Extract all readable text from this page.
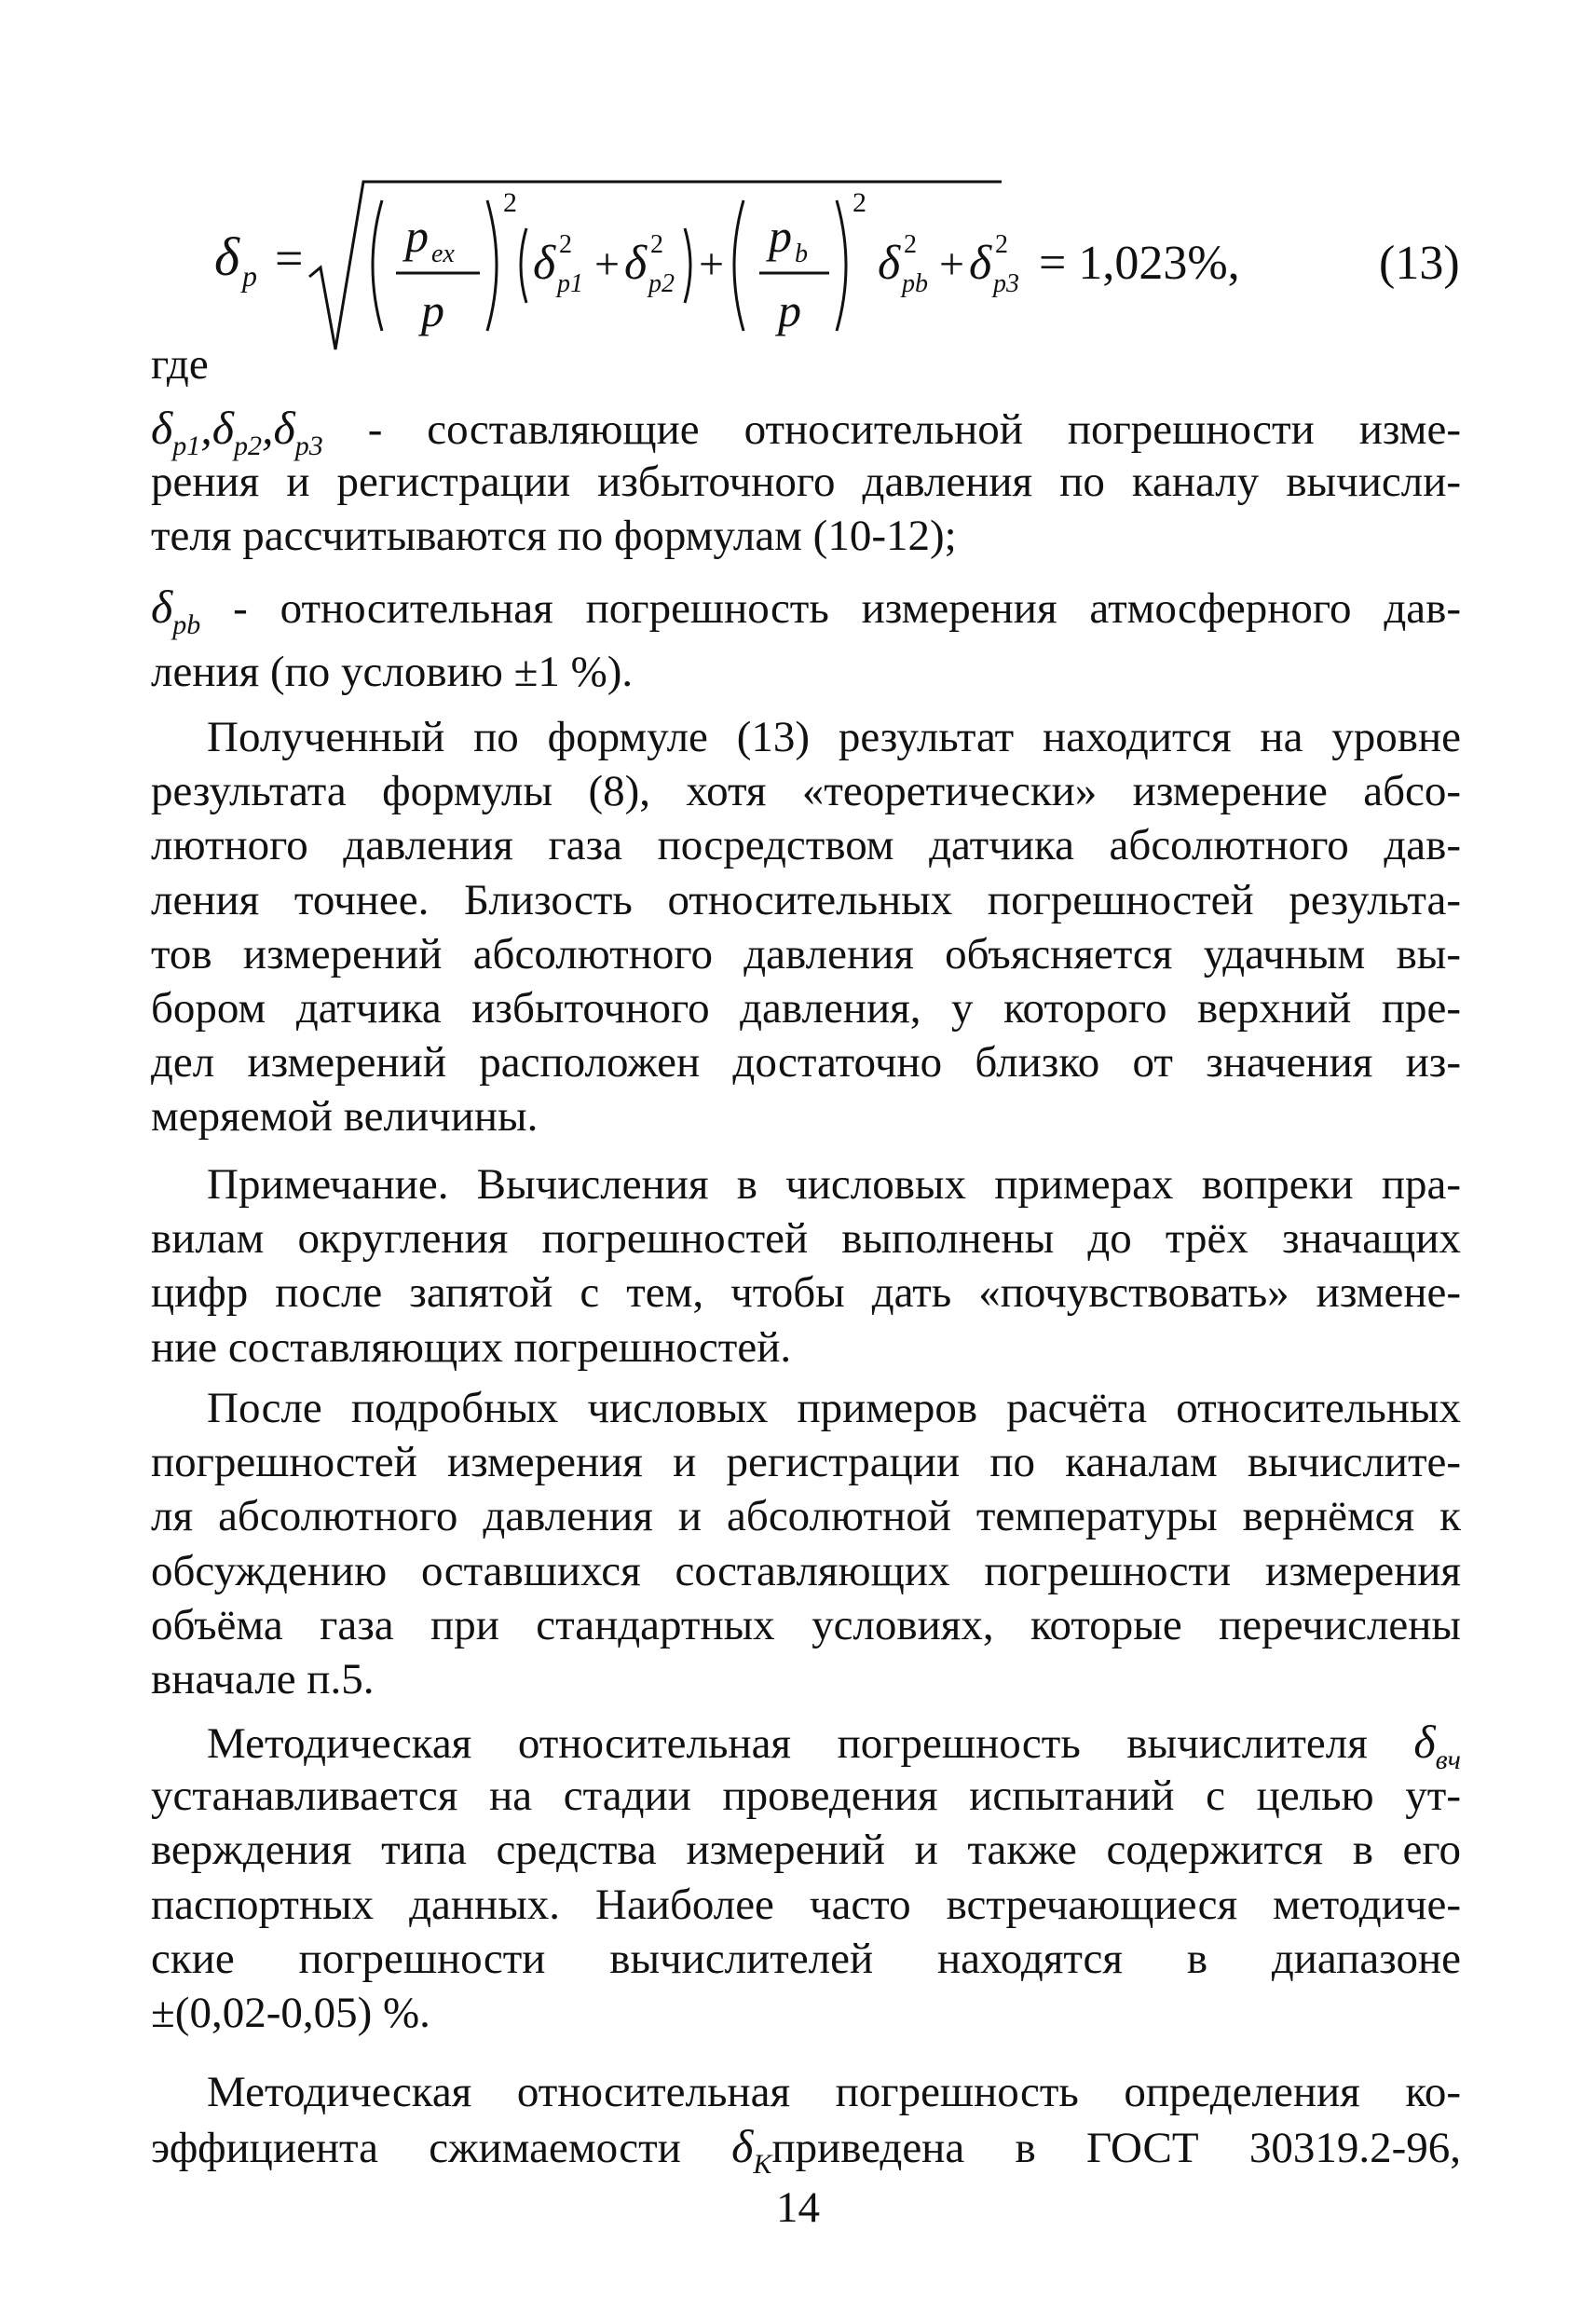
δ p = p ex
p
2
δ 2
p1 + δ 2
p2 +
p b
p
2
δ 2
pb + δ 2
p3 = 1,023%,	(13)
где
$\delta_{p1},\delta_{p2},\delta_{p3}$ - составляющие относительной погрешности изме-
рения и регистрации избыточного давления по каналу вычисли-
теля рассчитываются по формулам (10-12);
$\delta_{pb}$ - относительная погрешность измерения атмосферного дав-
ления (по условию ±1 %).
Полученный по формуле (13) результат находится на уровне
результата формулы (8), хотя «теоретически» измерение абсо-
лютного давления газа посредством датчика абсолютного дав-
ления точнее. Близость относительных погрешностей результа-
тов измерений абсолютного давления объясняется удачным вы-
бором датчика избыточного давления, у которого верхний пре-
дел измерений расположен достаточно близко от значения из-
меряемой величины.
Примечание. Вычисления в числовых примерах вопреки пра-
вилам округления погрешностей выполнены до трёх значащих
цифр после запятой с тем, чтобы дать «почувствовать» измене-
ние составляющих погрешностей.
После подробных числовых примеров расчёта относительных
погрешностей измерения и регистрации по каналам вычислите-
ля абсолютного давления и абсолютной температуры вернёмся к
обсуждению оставшихся составляющих погрешности измерения
объёма газа при стандартных условиях, которые перечислены
вначале п.5.
Методическая относительная погрешность вычислителя $\delta_{вч}$
устанавливается на стадии проведения испытаний с целью ут-
верждения типа средства измерений и также содержится в его
паспортных данных. Наиболее часто встречающиеся методиче-
ские погрешности вычислителей находятся в диапазоне
±(0,02-0,05) %.
Методическая относительная погрешность определения ко-
эффициента сжимаемости $\delta_Kприведена$ в ГОСТ 30319.2-96,
14
